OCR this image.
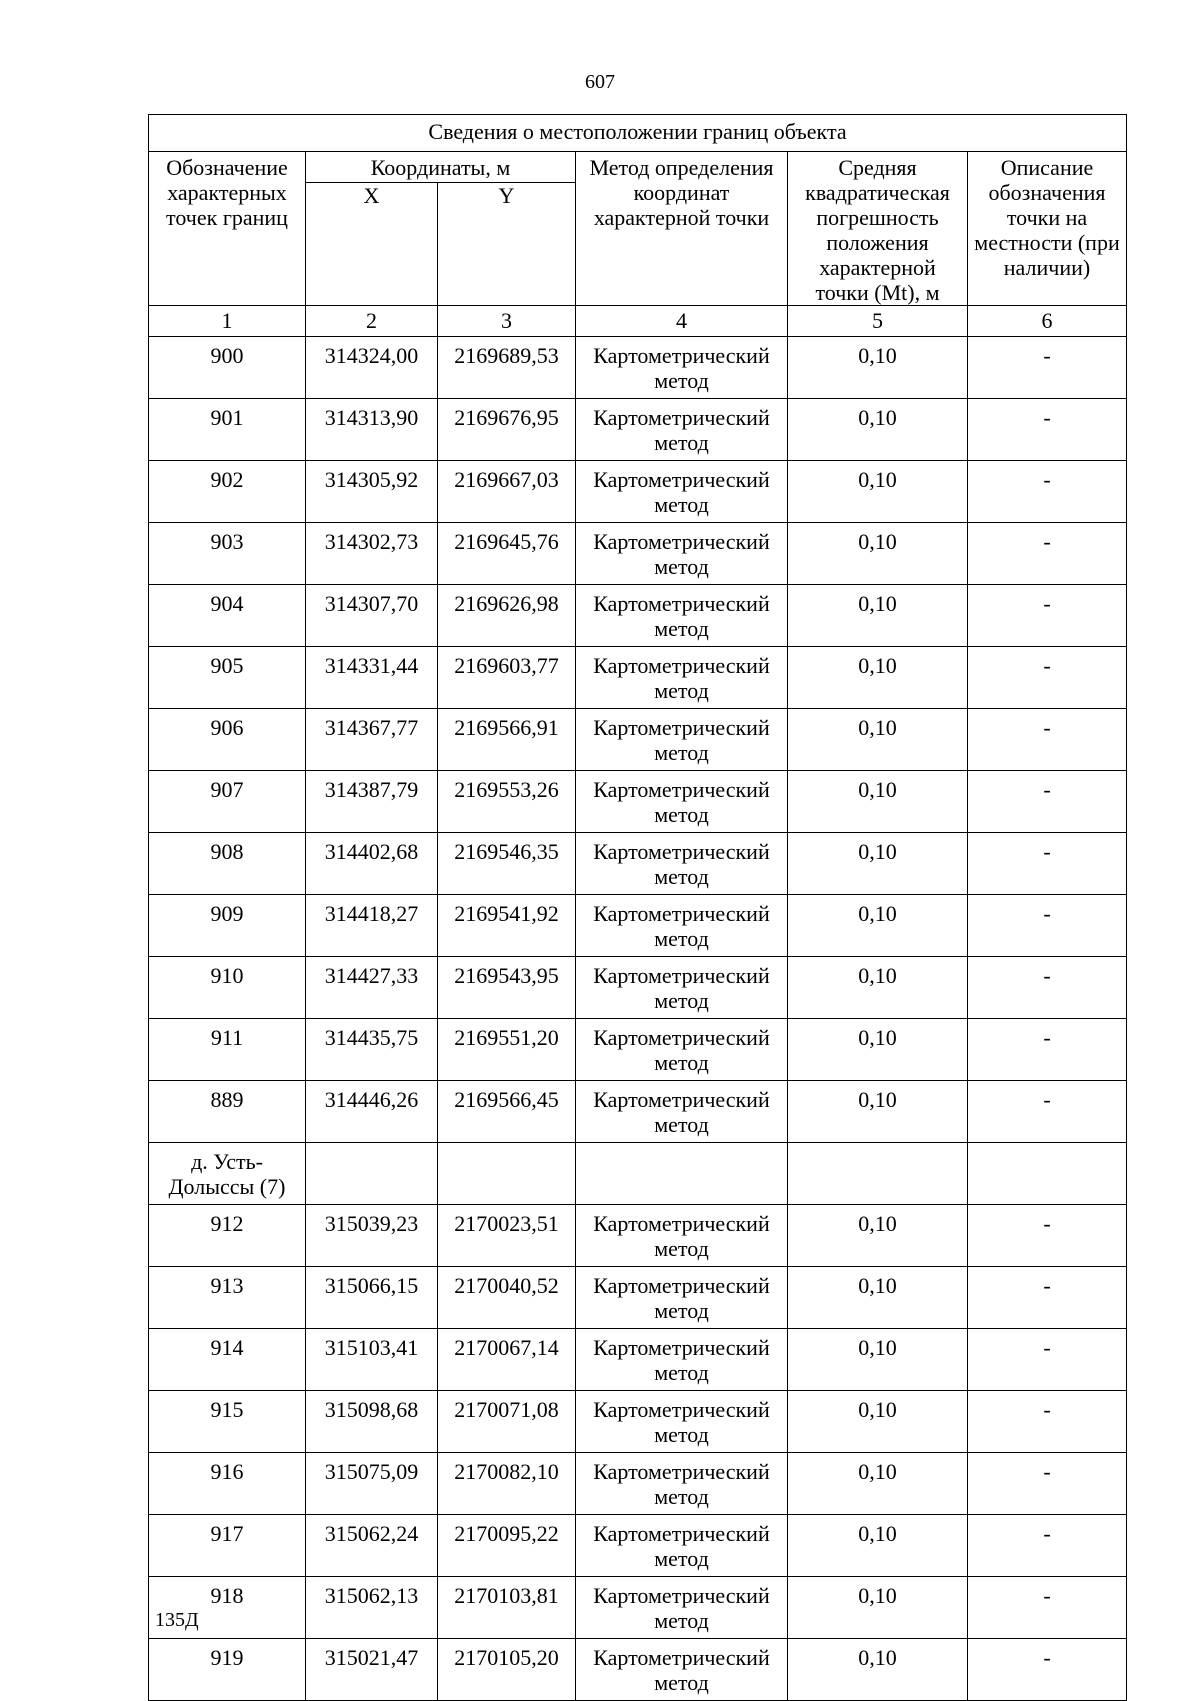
607
Сведения о местоположении границ объекта					
Обозначение характерных точек границ	Координаты, м		Метод определения координат характерной точки	Средняя квадратическая погрешность положения характерной точки (Mt), м	Описание обозначения точки на местности (при наличии)
	X	Y			
1	2	3	4	5	6
900	314324,00	2169689,53	Картометрический метод	0,10	-
901	314313,90	2169676,95	Картометрический метод	0,10	-
902	314305,92	2169667,03	Картометрический метод	0,10	-
903	314302,73	2169645,76	Картометрический метод	0,10	-
904	314307,70	2169626,98	Картометрический метод	0,10	-
905	314331,44	2169603,77	Картометрический метод	0,10	-
906	314367,77	2169566,91	Картометрический метод	0,10	-
907	314387,79	2169553,26	Картометрический метод	0,10	-
908	314402,68	2169546,35	Картометрический метод	0,10	-
909	314418,27	2169541,92	Картометрический метод	0,10	-
910	314427,33	2169543,95	Картометрический метод	0,10	-
911	314435,75	2169551,20	Картометрический метод	0,10	-
889	314446,26	2169566,45	Картометрический метод	0,10	-
д. Усть-Долыссы (7)					
912	315039,23	2170023,51	Картометрический метод	0,10	-
913	315066,15	2170040,52	Картометрический метод	0,10	-
914	315103,41	2170067,14	Картометрический метод	0,10	-
915	315098,68	2170071,08	Картометрический метод	0,10	-
916	315075,09	2170082,10	Картометрический метод	0,10	-
917	315062,24	2170095,22	Картометрический метод	0,10	-
918	315062,13	2170103,81	Картометрический метод	0,10	-
919	315021,47	2170105,20	Картометрический метод	0,10	-
135Д
